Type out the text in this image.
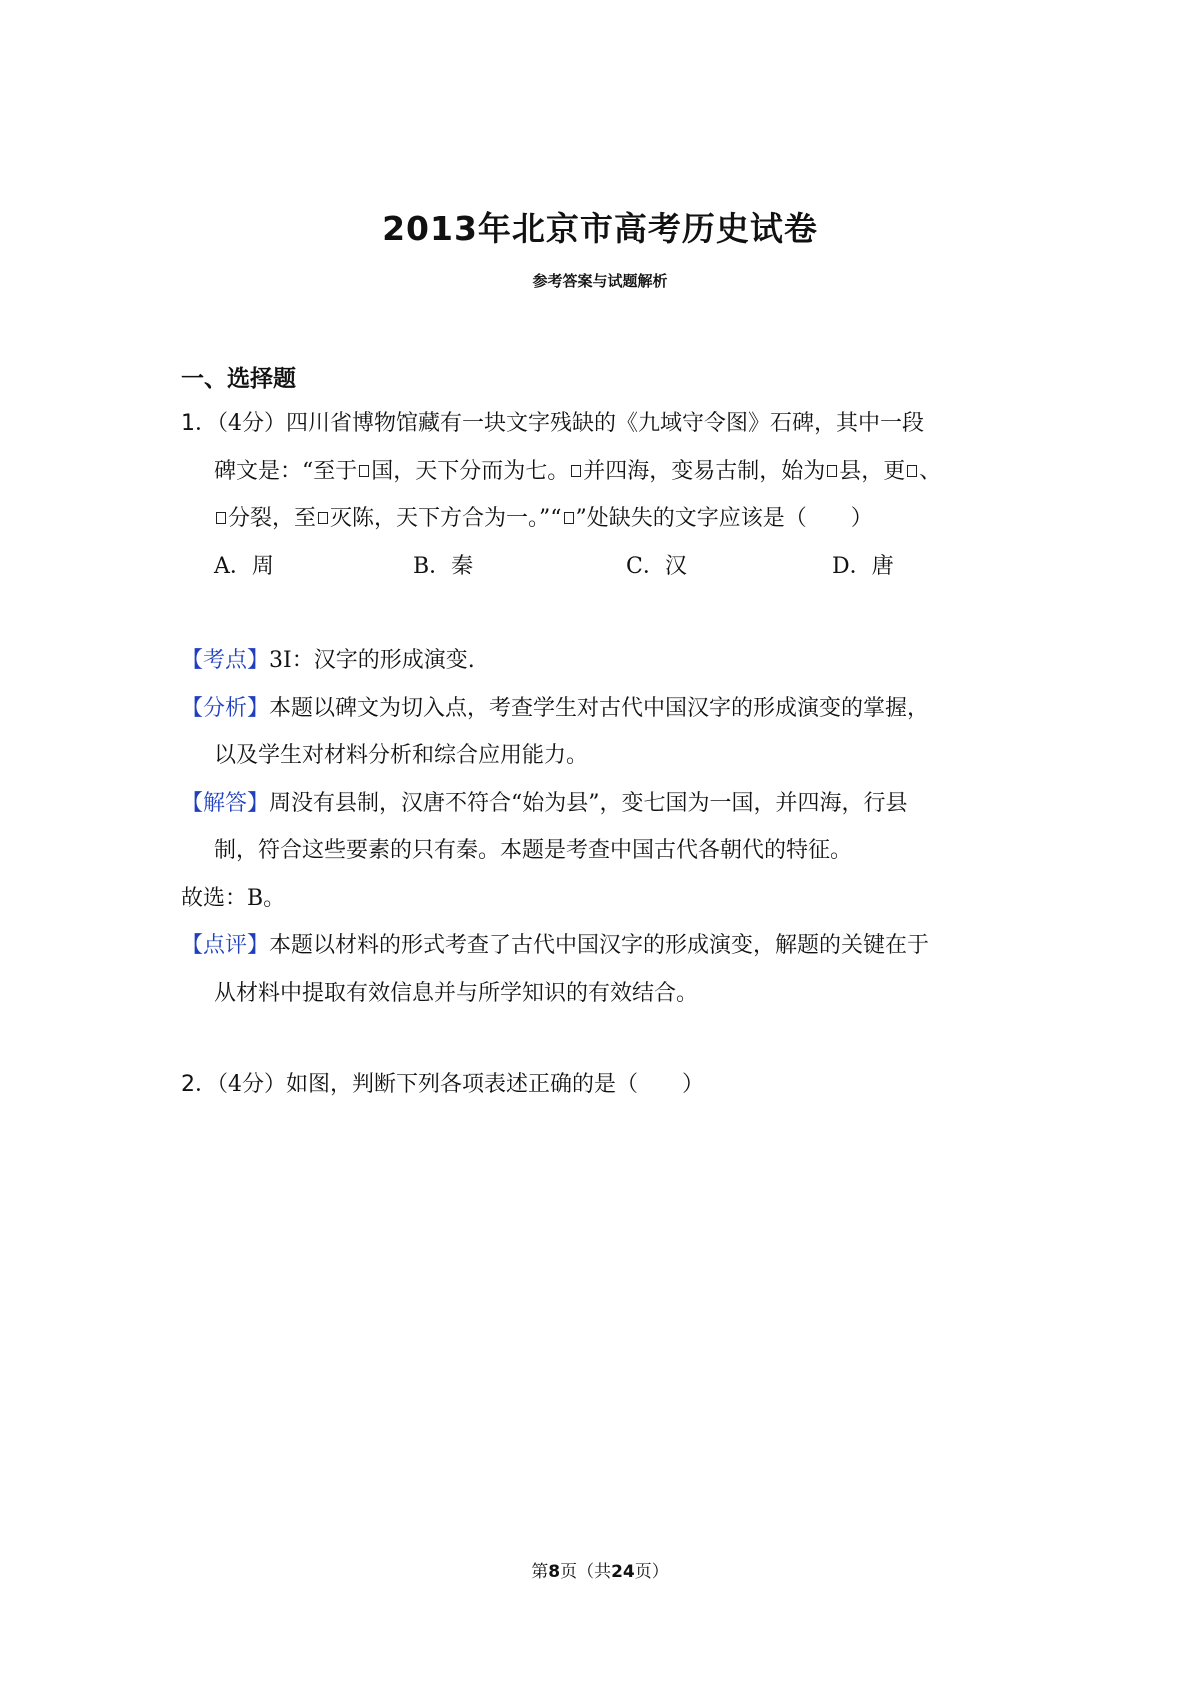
2013年北京市高考历史试卷
参考答案与试题解析
一、选择题
1．（4分）四川省博物馆藏有一块文字残缺的《九域守令图》石碑，其中一段
碑文是：“至于 国，天下分而为七。 并四海，变易古制，始为 县，更 、
分裂，至 灭陈，天下方合为一。”“ ”处缺失的文字应该是（　　）
A．周	B．秦	C．汉	D．唐
【考点】3I：汉字的形成演变.
【分析】本题以碑文为切入点，考查学生对古代中国汉字的形成演变的掌握，
以及学生对材料分析和综合应用能力。
【解答】周没有县制，汉唐不符合“始为县”，变七国为一国，并四海，行县
制，符合这些要素的只有秦。本题是考查中国古代各朝代的特征。
故选：B。
【点评】本题以材料的形式考查了古代中国汉字的形成演变，解题的关键在于
从材料中提取有效信息并与所学知识的有效结合。
2．（4分）如图，判断下列各项表述正确的是（　　）
第8页（共24页）
